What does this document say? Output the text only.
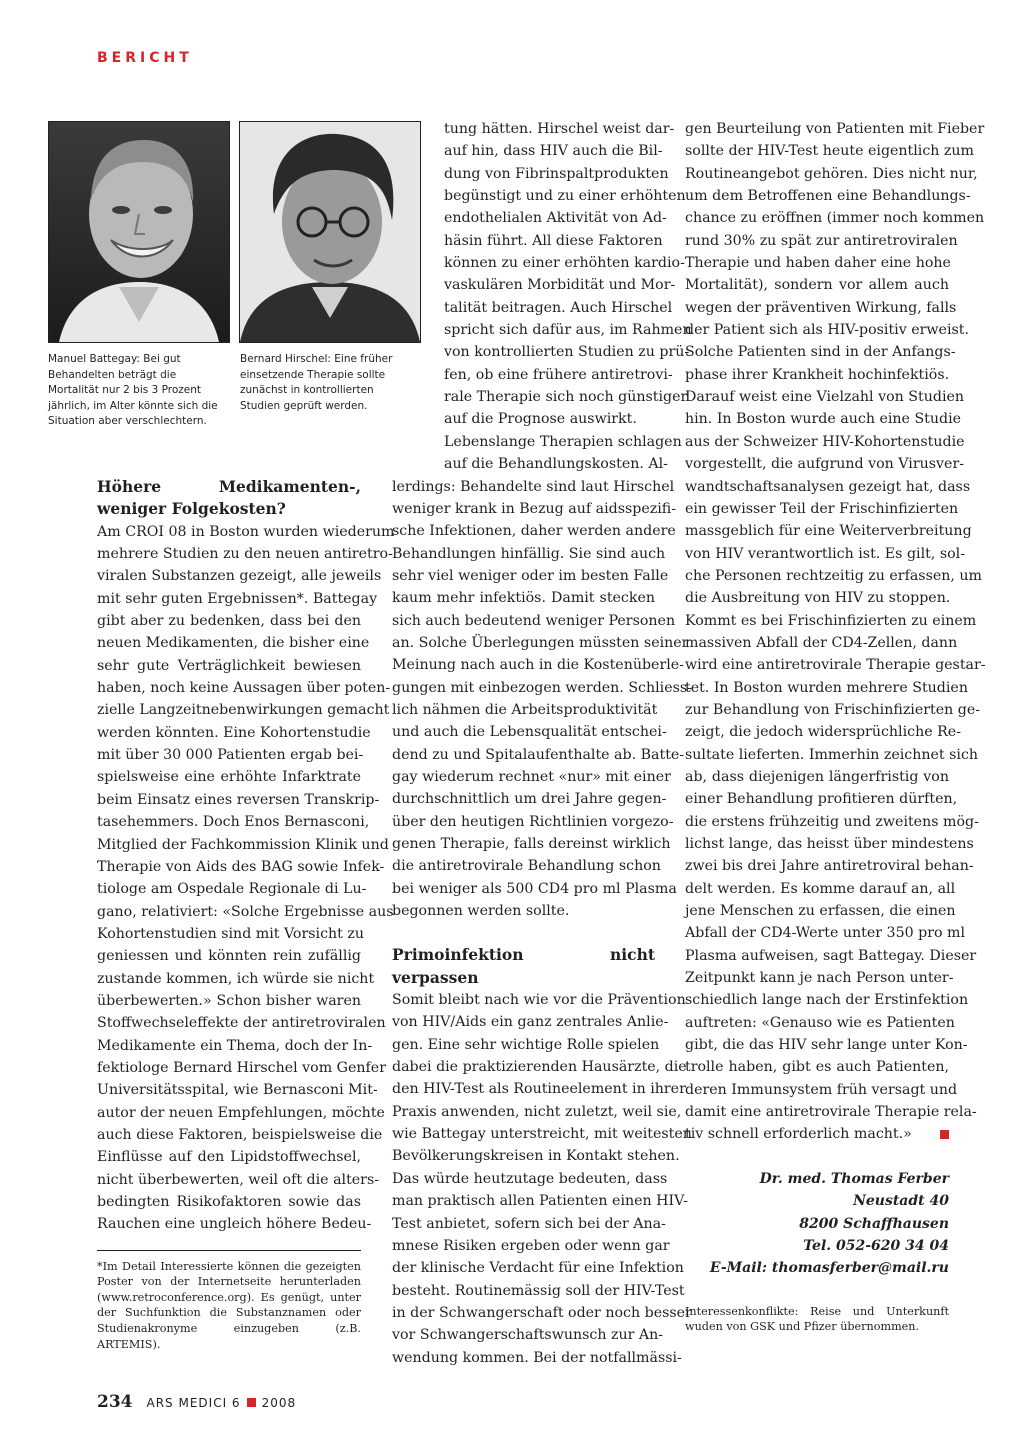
BERICHT
Manuel Battegay: Bei gut Behandelten beträgt die Mortalität nur 2 bis 3 Prozent jährlich, im Alter könnte sich die Situation aber verschlechtern.
Bernard Hirschel: Eine früher einsetzende Therapie sollte zunächst in kontrollierten Studien geprüft werden.
Höhere Medikamenten-, weniger Folgekosten?
Am CROI 08 in Boston wurden wiederum
mehrere Studien zu den neuen antiretro-
viralen Substanzen gezeigt, alle jeweils
mit sehr guten Ergebnissen*. Battegay
gibt aber zu bedenken, dass bei den
neuen Medikamenten, die bisher eine
sehr gute Verträglichkeit bewiesen
haben, noch keine Aussagen über poten-
zielle Langzeitnebenwirkungen gemacht
werden könnten. Eine Kohortenstudie
mit über 30 000 Patienten ergab bei-
spielsweise eine erhöhte Infarktrate
beim Einsatz eines reversen Transkrip-
tasehemmers. Doch Enos Bernasconi,
Mitglied der Fachkommission Klinik und
Therapie von Aids des BAG sowie Infek-
tiologe am Ospedale Regionale di Lu-
gano, relativiert: «Solche Ergebnisse aus
Kohortenstudien sind mit Vorsicht zu
geniessen und könnten rein zufällig
zustande kommen, ich würde sie nicht
überbewerten.» Schon bisher waren
Stoffwechseleffekte der antiretroviralen
Medikamente ein Thema, doch der In-
fektiologe Bernard Hirschel vom Genfer
Universitätsspital, wie Bernasconi Mit-
autor der neuen Empfehlungen, möchte
auch diese Faktoren, beispielsweise die
Einflüsse auf den Lipidstoffwechsel,
nicht überbewerten, weil oft die alters-
bedingten Risikofaktoren sowie das
Rauchen eine ungleich höhere Bedeu-
*Im Detail Interessierte können die gezeigten Poster von der Internetseite herunterladen (www.retroconference.org). Es genügt, unter der Suchfunktion die Substanznamen oder Studienakronyme einzugeben (z.B. ARTEMIS).
tung hätten. Hirschel weist dar-
auf hin, dass HIV auch die Bil-
dung von Fibrinspaltprodukten
begünstigt und zu einer erhöhten
endothelialen Aktivität von Ad-
häsin führt. All diese Faktoren
können zu einer erhöhten kardio-
vaskulären Morbidität und Mor-
talität beitragen. Auch Hirschel
spricht sich dafür aus, im Rahmen
von kontrollierten Studien zu prü-
fen, ob eine frühere antiretrovi-
rale Therapie sich noch günstiger
auf die Prognose auswirkt.
Lebenslange Therapien schlagen
auf die Behandlungskosten. Al-
lerdings: Behandelte sind laut Hirschel
weniger krank in Bezug auf aidsspezifi-
sche Infektionen, daher werden andere
Behandlungen hinfällig. Sie sind auch
sehr viel weniger oder im besten Falle
kaum mehr infektiös. Damit stecken
sich auch bedeutend weniger Personen
an. Solche Überlegungen müssten seiner
Meinung nach auch in die Kostenüberle-
gungen mit einbezogen werden. Schliess-
lich nähmen die Arbeitsproduktivität
und auch die Lebensqualität entschei-
dend zu und Spitalaufenthalte ab. Batte-
gay wiederum rechnet «nur» mit einer
durchschnittlich um drei Jahre gegen-
über den heutigen Richtlinien vorgezo-
genen Therapie, falls dereinst wirklich
die antiretrovirale Behandlung schon
bei weniger als 500 CD4 pro ml Plasma
begonnen werden sollte.
Primoinfektion nicht verpassen
Somit bleibt nach wie vor die Prävention
von HIV/Aids ein ganz zentrales Anlie-
gen. Eine sehr wichtige Rolle spielen
dabei die praktizierenden Hausärzte, die
den HIV-Test als Routineelement in ihrer
Praxis anwenden, nicht zuletzt, weil sie,
wie Battegay unterstreicht, mit weitesten
Bevölkerungskreisen in Kontakt stehen.
Das würde heutzutage bedeuten, dass
man praktisch allen Patienten einen HIV-
Test anbietet, sofern sich bei der Ana-
mnese Risiken ergeben oder wenn gar
der klinische Verdacht für eine Infektion
besteht. Routinemässig soll der HIV-Test
in der Schwangerschaft oder noch besser
vor Schwangerschaftswunsch zur An-
wendung kommen. Bei der notfallmässi-
gen Beurteilung von Patienten mit Fieber
sollte der HIV-Test heute eigentlich zum
Routineangebot gehören. Dies nicht nur,
um dem Betroffenen eine Behandlungs-
chance zu eröffnen (immer noch kommen
rund 30% zu spät zur antiretroviralen
Therapie und haben daher eine hohe
Mortalität), sondern vor allem auch
wegen der präventiven Wirkung, falls
der Patient sich als HIV-positiv erweist.
Solche Patienten sind in der Anfangs-
phase ihrer Krankheit hochinfektiös.
Darauf weist eine Vielzahl von Studien
hin. In Boston wurde auch eine Studie
aus der Schweizer HIV-Kohortenstudie
vorgestellt, die aufgrund von Virusver-
wandtschaftsanalysen gezeigt hat, dass
ein gewisser Teil der Frischinfizierten
massgeblich für eine Weiterverbreitung
von HIV verantwortlich ist. Es gilt, sol-
che Personen rechtzeitig zu erfassen, um
die Ausbreitung von HIV zu stoppen.
Kommt es bei Frischinfizierten zu einem
massiven Abfall der CD4-Zellen, dann
wird eine antiretrovirale Therapie gestar-
tet. In Boston wurden mehrere Studien
zur Behandlung von Frischinfizierten ge-
zeigt, die jedoch widersprüchliche Re-
sultate lieferten. Immerhin zeichnet sich
ab, dass diejenigen längerfristig von
einer Behandlung profitieren dürften,
die erstens frühzeitig und zweitens mög-
lichst lange, das heisst über mindestens
zwei bis drei Jahre antiretroviral behan-
delt werden. Es komme darauf an, all
jene Menschen zu erfassen, die einen
Abfall der CD4-Werte unter 350 pro ml
Plasma aufweisen, sagt Battegay. Dieser
Zeitpunkt kann je nach Person unter-
schiedlich lange nach der Erstinfektion
auftreten: «Genauso wie es Patienten
gibt, die das HIV sehr lange unter Kon-
trolle haben, gibt es auch Patienten,
deren Immunsystem früh versagt und
damit eine antiretrovirale Therapie rela-
tiv schnell erforderlich macht.»
Dr. med. Thomas Ferber
Neustadt 40
8200 Schaffhausen
Tel. 052-620 34 04
E-Mail: thomasferber@mail.ru
Interessenkonflikte: Reise und Unterkunft wuden von GSK und Pfizer übernommen.
234 ARS MEDICI 6 2008
